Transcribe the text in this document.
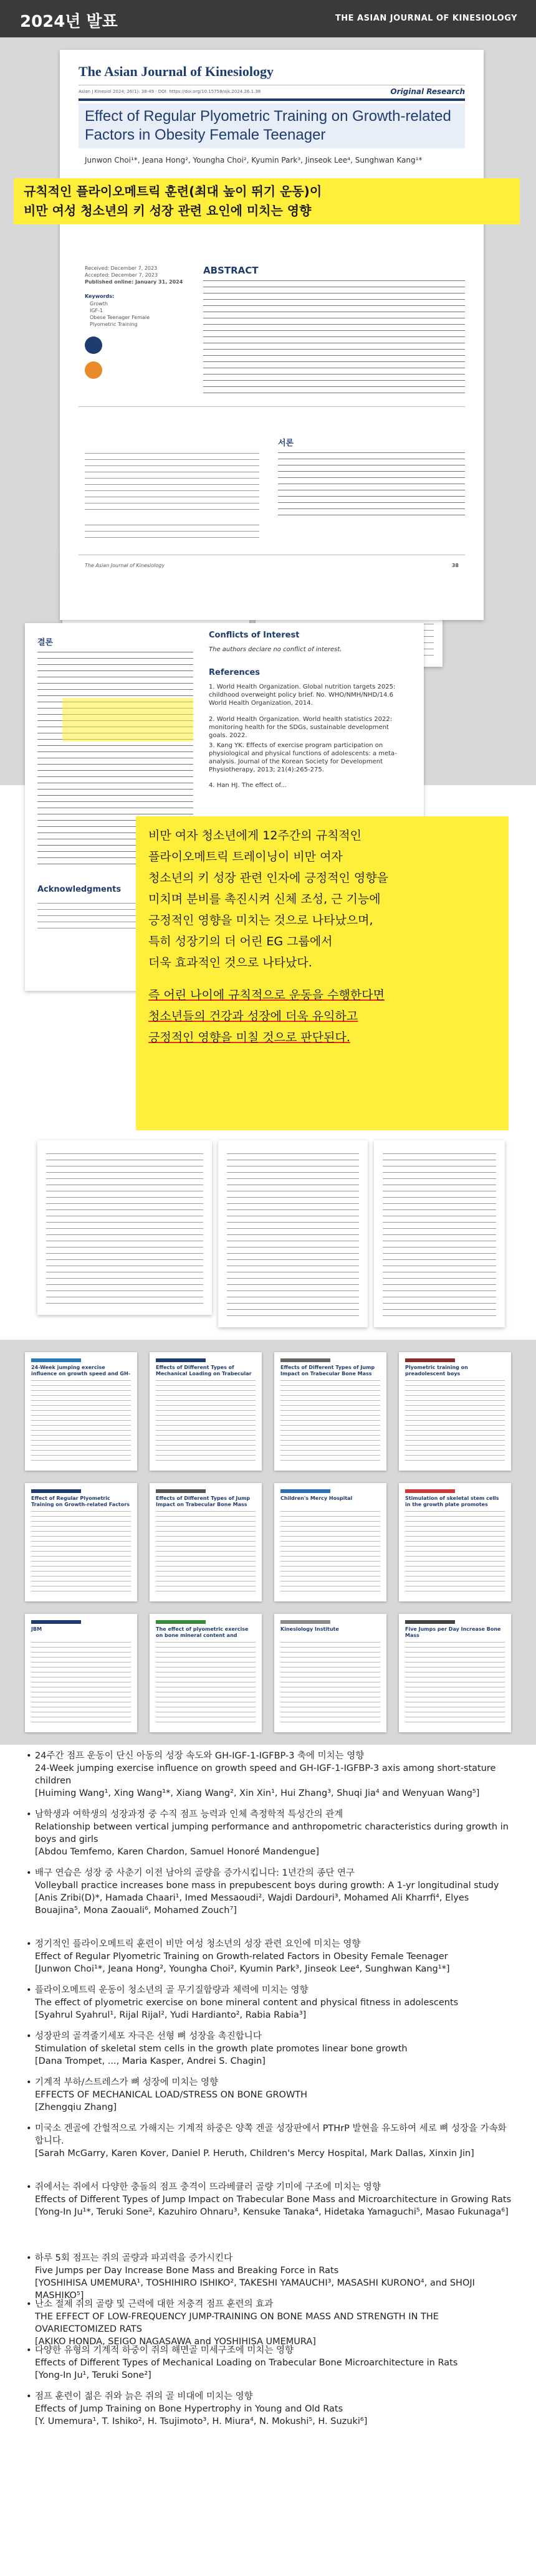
2024년 발표	THE ASIAN JOURNAL OF KINESIOLOGY
The Asian Journal of Kinesiology
Asian J Kinesiol 2024; 26(1): 38-49 · DOI: https://doi.org/10.15758/ajk.2024.26.1.38	Original Research
Effect of Regular Plyometric Training on Growth-related Factors in Obesity Female Teenager
Junwon Choi¹*, Jeana Hong², Youngha Choi², Kyumin Park³, Jinseok Lee⁴, Sunghwan Kang¹*
Received: December 7, 2023
Accepted: December 7, 2023
Published online: January 31, 2024
Keywords:
Growth
IGF-1
Obese Teenager Female
Plyometric Training
ABSTRACT
서론
The Asian Journal of Kinesiology	38
규칙적인 플라이오메트릭 훈련(최대 높이 뛰기 운동)이
비만 여성 청소년의 키 성장 관련 요인에 미치는 영향
결론
Acknowledgments
Conflicts of Interest
The authors declare no conflict of interest.
References
1. World Health Organization. Global nutrition targets 2025: childhood overweight policy brief. No. WHO/NMH/NHD/14.6 World Health Organization, 2014.
2. World Health Organization. World health statistics 2022: monitoring health for the SDGs, sustainable development goals. 2022.
3. Kang YK. Effects of exercise program participation on physiological and physical functions of adolescents: a meta-analysis. Journal of the Korean Society for Development Physiotherapy, 2013; 21(4):265-275.
4. Han HJ. The effect of...

비만 여자 청소년에게 12주간의 규칙적인

플라이오메트릭 트레이닝이 비만 여자

청소년의 키 성장 관련 인자에 긍정적인 영향을

미치며 분비를 촉진시켜 신체 조성, 근 기능에

긍정적인 영향을 미치는 것으로 나타났으며,

특히 성장기의 더 어린 EG 그룹에서

더욱 효과적인 것으로 나타났다.

즉 어린 나이에 규칙적으로 운동을 수행한다면

청소년들의 건강과 성장에 더욱 유익하고

긍정적인 영향을 미칠 것으로 판단된다.

24-Week jumping exercise influence on growth speed and GH-
Effects of Different Types of Mechanical Loading on Trabecular
Effects of Different Types of Jump Impact on Trabecular Bone Mass
Plyometric training on preadolescent boys
Effect of Regular Plyometric Training on Growth-related Factors
Effects of Different Types of Jump Impact on Trabecular Bone Mass
Children's Mercy Hospital	Stimulation of skeletal stem cells in the growth plate promotes
JBM	The effect of plyometric exercise on bone mineral content and
Kinesiology Institute	Five Jumps per Day Increase Bone Mass
• 24주간 점프 운동이 단신 아동의 성장 속도와 GH-IGF-1-IGFBP-3 축에 미치는 영향
24-Week jumping exercise influence on growth speed and GH-IGF-1-IGFBP-3 axis among short-stature children
[Huiming Wang¹, Xing Wang¹*, Xiang Wang², Xin Xin¹, Hui Zhang³, Shuqi Jia⁴ and Wenyuan Wang⁵]
• 남학생과 여학생의 성장과정 중 수직 점프 능력과 인체 측정학적 특성간의 관계
Relationship between vertical jumping performance and anthropometric characteristics during growth in boys and girls
[Abdou Temfemo, Karen Chardon, Samuel Honoré Mandengue]
• 배구 연습은 성장 중 사춘기 이전 남아의 골량을 증가시킵니다: 1년간의 종단 연구
Volleyball practice increases bone mass in prepubescent boys during growth: A 1-yr longitudinal study
[Anis Zribi(D)*, Hamada Chaari¹, Imed Messaoudi², Wajdi Dardouri³, Mohamed Ali Kharrfi⁴, Elyes Bouajina⁵, Mona Zaouali⁶, Mohamed Zouch⁷]
• 정기적인 플라이오메트릭 훈련이 비만 여성 청소년의 성장 관련 요인에 미치는 영향
Effect of Regular Plyometric Training on Growth-related Factors in Obesity Female Teenager
[Junwon Choi¹*, Jeana Hong², Youngha Choi², Kyumin Park³, Jinseok Lee⁴, Sunghwan Kang¹*]
• 플라이오메트릭 운동이 청소년의 골 무기질함량과 체력에 미치는 영향
The effect of plyometric exercise on bone mineral content and physical fitness in adolescents
[Syahrul Syahrul¹, Rijal Rijal², Yudi Hardianto², Rabia Rabia³]
• 성장판의 골격줄기세포 자극은 선형 뼈 성장을 촉진합니다
Stimulation of skeletal stem cells in the growth plate promotes linear bone growth
[Dana Trompet, ..., Maria Kasper, Andrei S. Chagin]
• 기계적 부하/스트레스가 뼈 성장에 미치는 영향
EFFECTS OF MECHANICAL LOAD/STRESS ON BONE GROWTH
[Zhengqiu Zhang]
• 미국소 겐골에 간헐적으로 가해지는 기계적 하중은 양쪽 겐골 성장판에서 PTHrP 발현을 유도하여 세로 뼈 성장을 가속화합니다.
[Sarah McGarry, Karen Kover, Daniel P. Heruth, Children's Mercy Hospital, Mark Dallas, Xinxin Jin]
• 쥐에서는 쥐에서 다양한 충돌의 점프 충격이 뜨라베큘러 골량 기미에 구조에 미치는 영향
Effects of Different Types of Jump Impact on Trabecular Bone Mass and Microarchitecture in Growing Rats
[Yong-In Ju¹*, Teruki Sone², Kazuhiro Ohnaru³, Kensuke Tanaka⁴, Hidetaka Yamaguchi⁵, Masao Fukunaga⁶]
• 하루 5회 점프는 쥐의 골량과 파괴력을 증가시킨다
Five Jumps per Day Increase Bone Mass and Breaking Force in Rats
[YOSHIHISA UMEMURA¹, TOSHIHIRO ISHIKO², TAKESHI YAMAUCHI³, MASASHI KURONO⁴, and SHOJI MASHIKO⁵]
• 난소 절제 쥐의 골량 및 근력에 대한 저충격 점프 훈련의 효과
THE EFFECT OF LOW-FREQUENCY JUMP-TRAINING ON BONE MASS AND STRENGTH IN THE OVARIECTOMIZED RATS
[AKIKO HONDA, SEIGO NAGASAWA and YOSHIHISA UMEMURA]
• 다양한 유형의 기계적 하중이 쥐의 해면골 미세구조에 미치는 영향
Effects of Different Types of Mechanical Loading on Trabecular Bone Microarchitecture in Rats
[Yong-In Ju¹, Teruki Sone²]
• 점프 훈련이 젊은 쥐와 늙은 쥐의 골 비대에 미치는 영향
Effects of Jump Training on Bone Hypertrophy in Young and Old Rats
[Y. Umemura¹, T. Ishiko², H. Tsujimoto³, H. Miura⁴, N. Mokushi⁵, H. Suzuki⁶]
